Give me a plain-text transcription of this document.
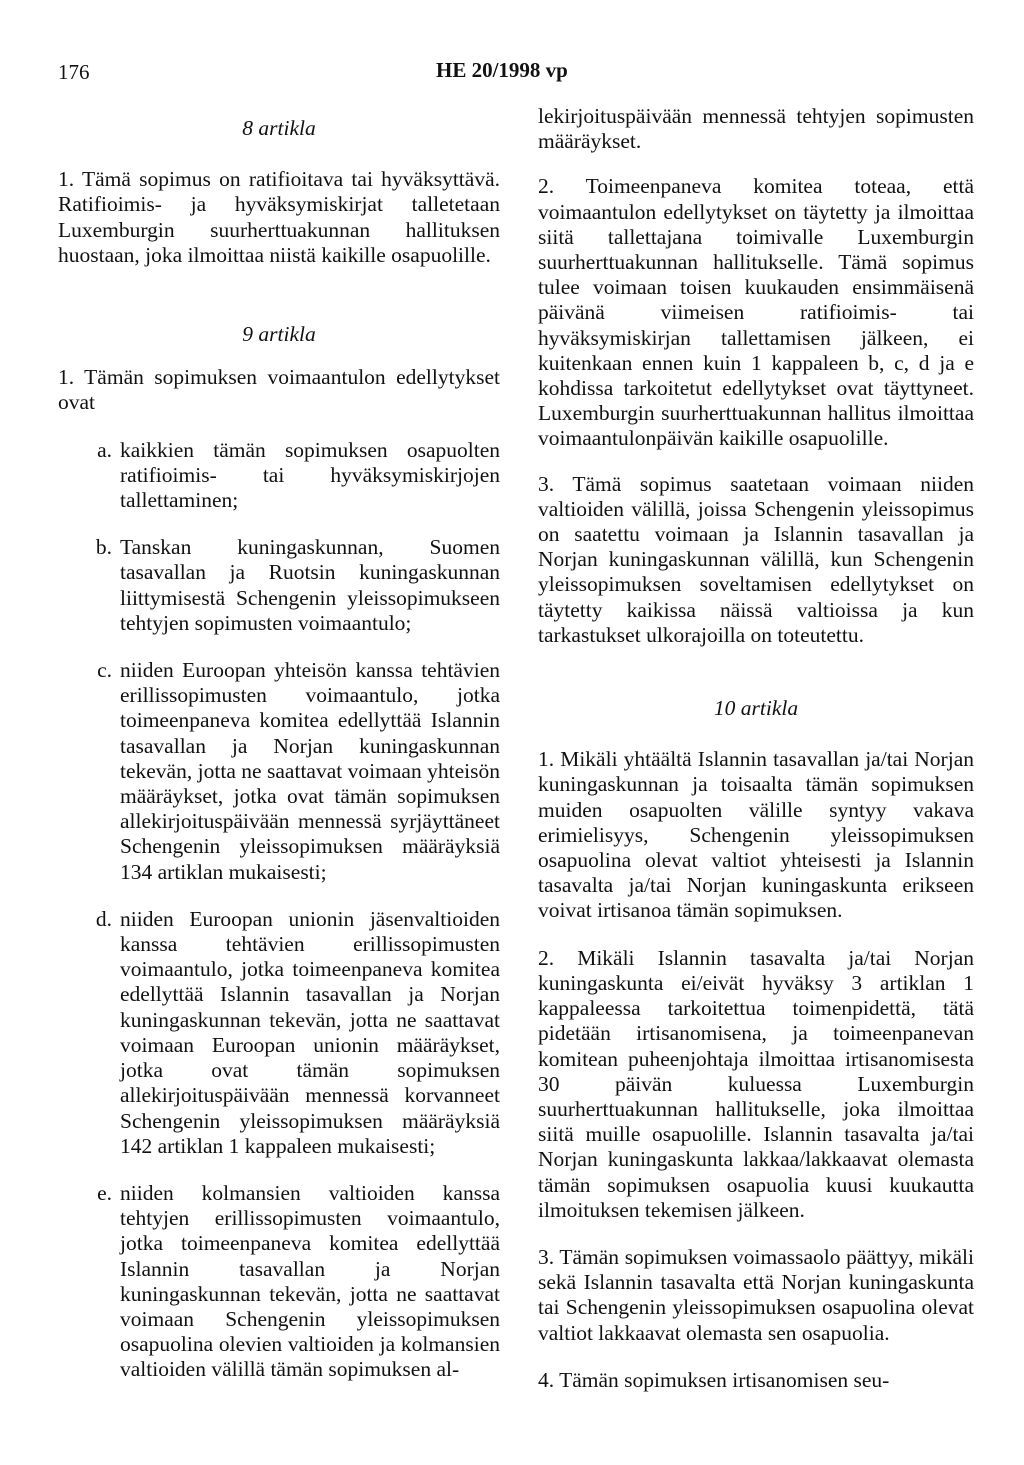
176	HE 20/1998 vp
8 artikla

1. Tämä sopimus on ratifioitava tai hyväksyttävä. Ratifioimis- ja hyväksymiskirjat talletetaan Luxemburgin suurherttuakunnan hallituksen huostaan, joka ilmoittaa niistä kaikille osapuolille.

9 artikla

1. Tämän sopimuksen voimaantulon edellytykset ovat

a. kaikkien tämän sopimuksen osapuolten ratifioimis- tai hyväksymiskirjojen tallettaminen;
b. Tanskan kuningaskunnan, Suomen tasavallan ja Ruotsin kuningaskunnan liittymisestä Schengenin yleissopimukseen tehtyjen sopimusten voimaantulo;
c. niiden Euroopan yhteisön kanssa tehtävien erillissopimusten voimaantulo, jotka toimeenpaneva komitea edellyttää Islannin tasavallan ja Norjan kuningaskunnan tekevän, jotta ne saattavat voimaan yhteisön määräykset, jotka ovat tämän sopimuksen allekirjoituspäivään mennessä syrjäyttäneet Schengenin yleissopimuksen määräyksiä 134 artiklan mukaisesti;
d. niiden Euroopan unionin jäsenvaltioiden kanssa tehtävien erillissopimusten voimaantulo, jotka toimeenpaneva komitea edellyttää Islannin tasavallan ja Norjan kuningaskunnan tekevän, jotta ne saattavat voimaan Euroopan unionin määräykset, jotka ovat tämän sopimuksen allekirjoituspäivään mennessä korvanneet Schengenin yleissopimuksen määräyksiä 142 artiklan 1 kappaleen mukaisesti;
e. niiden kolmansien valtioiden kanssa tehtyjen erillissopimusten voimaantulo, jotka toimeenpaneva komitea edellyttää Islannin tasavallan ja Norjan kuningaskunnan tekevän, jotta ne saattavat voimaan Schengenin yleissopimuksen osapuolina olevien valtioiden ja kolmansien valtioiden välillä tämän sopimuksen al-

lekirjoituspäivään mennessä tehtyjen sopimusten määräykset.

2. Toimeenpaneva komitea toteaa, että voimaantulon edellytykset on täytetty ja ilmoittaa siitä tallettajana toimivalle Luxemburgin suurherttuakunnan hallitukselle. Tämä sopimus tulee voimaan toisen kuukauden ensimmäisenä päivänä viimeisen ratifioimis- tai hyväksymiskirjan tallettamisen jälkeen, ei kuitenkaan ennen kuin 1 kappaleen b, c, d ja e kohdissa tarkoitetut edellytykset ovat täyttyneet. Luxemburgin suurherttuakunnan hallitus ilmoittaa voimaantulonpäivän kaikille osapuolille.

3. Tämä sopimus saatetaan voimaan niiden valtioiden välillä, joissa Schengenin yleissopimus on saatettu voimaan ja Islannin tasavallan ja Norjan kuningaskunnan välillä, kun Schengenin yleissopimuksen soveltamisen edellytykset on täytetty kaikissa näissä valtioissa ja kun tarkastukset ulkorajoilla on toteutettu.

10 artikla

1. Mikäli yhtäältä Islannin tasavallan ja/tai Norjan kuningaskunnan ja toisaalta tämän sopimuksen muiden osapuolten välille syntyy vakava erimielisyys, Schengenin yleissopimuksen osapuolina olevat valtiot yhteisesti ja Islannin tasavalta ja/tai Norjan kuningaskunta erikseen voivat irtisanoa tämän sopimuksen.

2. Mikäli Islannin tasavalta ja/tai Norjan kuningaskunta ei/eivät hyväksy 3 artiklan 1 kappaleessa tarkoitettua toimenpidettä, tätä pidetään irtisanomisena, ja toimeenpanevan komitean puheenjohtaja ilmoittaa irtisanomisesta 30 päivän kuluessa Luxemburgin suurherttuakunnan hallitukselle, joka ilmoittaa siitä muille osapuolille. Islannin tasavalta ja/tai Norjan kuningaskunta lakkaa/lakkaavat olemasta tämän sopimuksen osapuolia kuusi kuukautta ilmoituksen tekemisen jälkeen.

3. Tämän sopimuksen voimassaolo päättyy, mikäli sekä Islannin tasavalta että Norjan kuningaskunta tai Schengenin yleissopimuksen osapuolina olevat valtiot lakkaavat olemasta sen osapuolia.

4. Tämän sopimuksen irtisanomisen seu-
